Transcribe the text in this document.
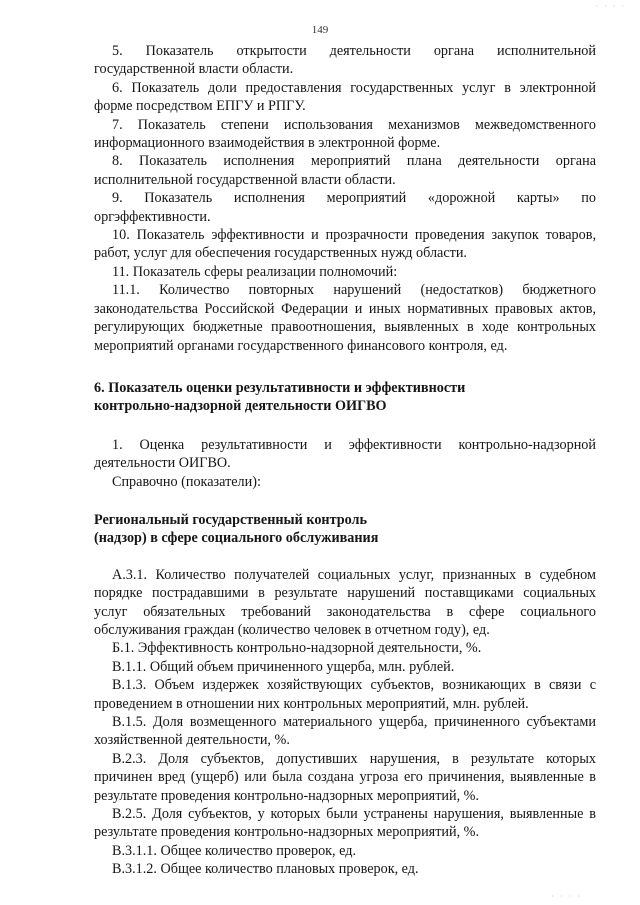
· · · ·
149

5. Показатель открытости деятельности органа исполнительной государственной власти области.

6. Показатель доли предоставления государственных услуг в электронной форме посредством ЕПГУ и РПГУ.

7. Показатель степени использования механизмов межведомственного информационного взаимодействия в электронной форме.

8. Показатель исполнения мероприятий плана деятельности органа исполнительной государственной власти области.

9. Показатель исполнения мероприятий «дорожной карты» по оргэффективности.

10. Показатель эффективности и прозрачности проведения закупок товаров, работ, услуг для обеспечения государственных нужд области.

11. Показатель сферы реализации полномочий:

11.1. Количество повторных нарушений (недостатков) бюджетного законодательства Российской Федерации и иных нормативных правовых актов, регулирующих бюджетные правоотношения, выявленных в ходе контрольных мероприятий органами государственного финансового контроля, ед.

6. Показатель оценки результативности и эффективности

контрольно-надзорной деятельности ОИГВО

1. Оценка результативности и эффективности контрольно-надзорной деятельности ОИГВО.

Справочно (показатели):

Региональный государственный контроль

(надзор) в сфере социального обслуживания

А.3.1. Количество получателей социальных услуг, признанных в судебном порядке пострадавшими в результате нарушений поставщиками социальных услуг обязательных требований законодательства в сфере социального обслуживания граждан (количество человек в отчетном году), ед.

Б.1. Эффективность контрольно-надзорной деятельности, %.

В.1.1. Общий объем причиненного ущерба, млн. рублей.

В.1.3. Объем издержек хозяйствующих субъектов, возникающих в связи с проведением в отношении них контрольных мероприятий, млн. рублей.

В.1.5. Доля возмещенного материального ущерба, причиненного субъектами хозяйственной деятельности, %.

В.2.3. Доля субъектов, допустивших нарушения, в результате которых причинен вред (ущерб) или была создана угроза его причинения, выявленные в результате проведения контрольно-надзорных мероприятий, %.

В.2.5. Доля субъектов, у которых были устранены нарушения, выявленные в результате проведения контрольно-надзорных мероприятий, %.

В.3.1.1. Общее количество проверок, ед.

В.3.1.2. Общее количество плановых проверок, ед.

· · · ·
